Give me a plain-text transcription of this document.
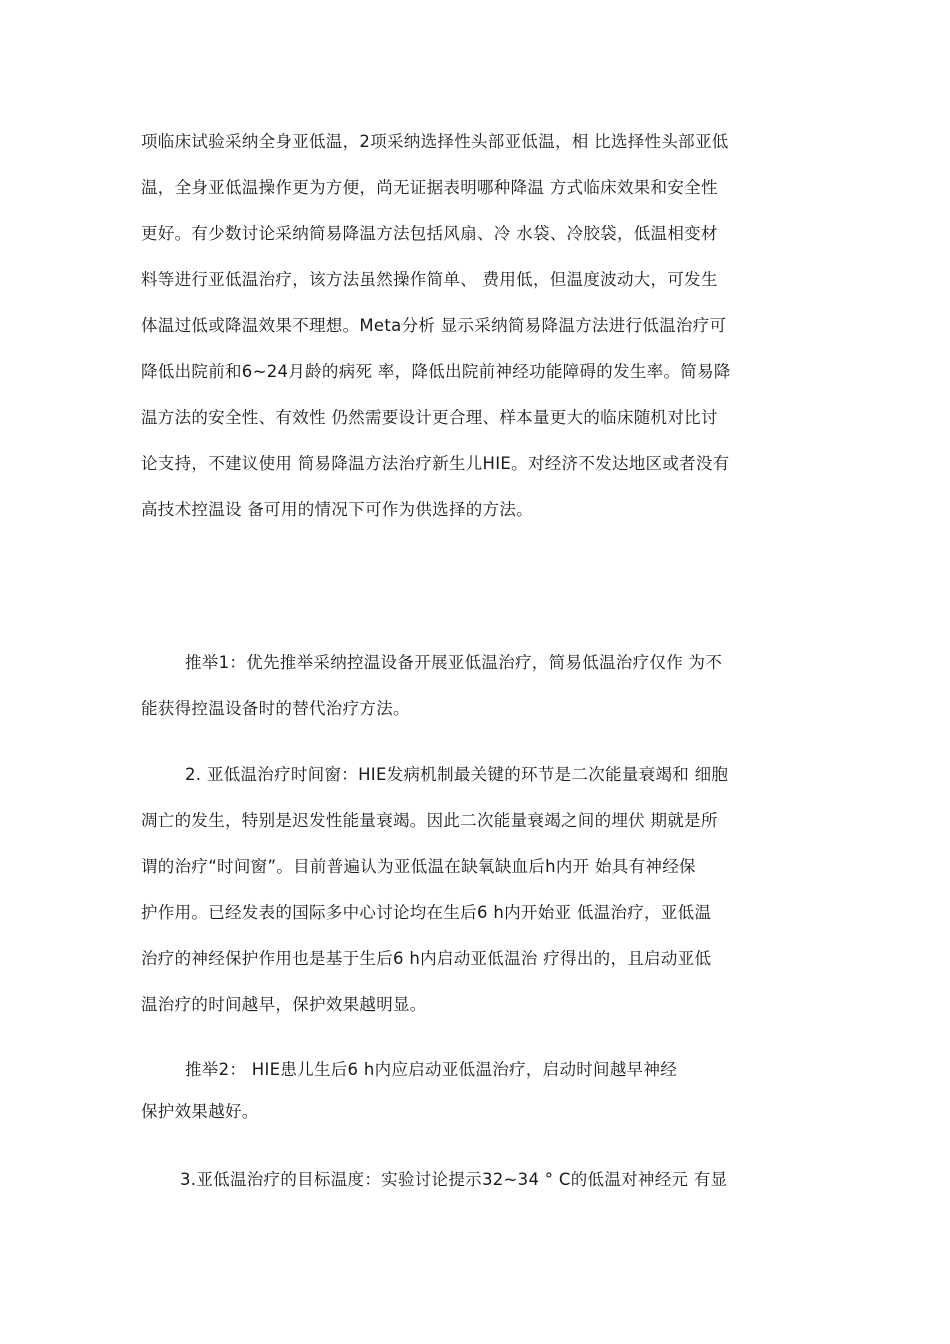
项临床试验采纳全身亚低温，2项采纳选择性头部亚低温，相 比选择性头部亚低
温，全身亚低温操作更为方便，尚无证据表明哪种降温 方式临床效果和安全性
更好。有少数讨论采纳简易降温方法包括风扇、冷 水袋、冷胶袋，低温相变材
料等进行亚低温治疗，该方法虽然操作简单、 费用低，但温度波动大，可发生
体温过低或降温效果不理想。Meta分析 显示采纳简易降温方法进行低温治疗可
降低出院前和6~24月龄的病死 率，降低出院前神经功能障碍的发生率。简易降
温方法的安全性、有效性 仍然需要设计更合理、样本量更大的临床随机对比讨
论支持，不建议使用 简易降温方法治疗新生儿HIE。对经济不发达地区或者没有
高技术控温设 备可用的情况下可作为供选择的方法。
推举1：优先推举采纳控温设备开展亚低温治疗，简易低温治疗仅作 为不
能获得控温设备时的替代治疗方法。
2. 亚低温治疗时间窗：HIE发病机制最关键的环节是二次能量衰竭和 细胞
凋亡的发生，特别是迟发性能量衰竭。因此二次能量衰竭之间的埋伏 期就是所
谓的治疗“时间窗”。目前普遍认为亚低温在缺氧缺血后h内开 始具有神经保
护作用。已经发表的国际多中心讨论均在生后6 h内开始亚 低温治疗，亚低温
治疗的神经保护作用也是基于生后6 h内启动亚低温治 疗得出的，且启动亚低
温治疗的时间越早，保护效果越明显。
推举2： HIE患儿生后6 h内应启动亚低温治疗，启动时间越早神经
保护效果越好。
3.亚低温治疗的目标温度：实验讨论提示32~34 ° C的低温对神经元 有显
